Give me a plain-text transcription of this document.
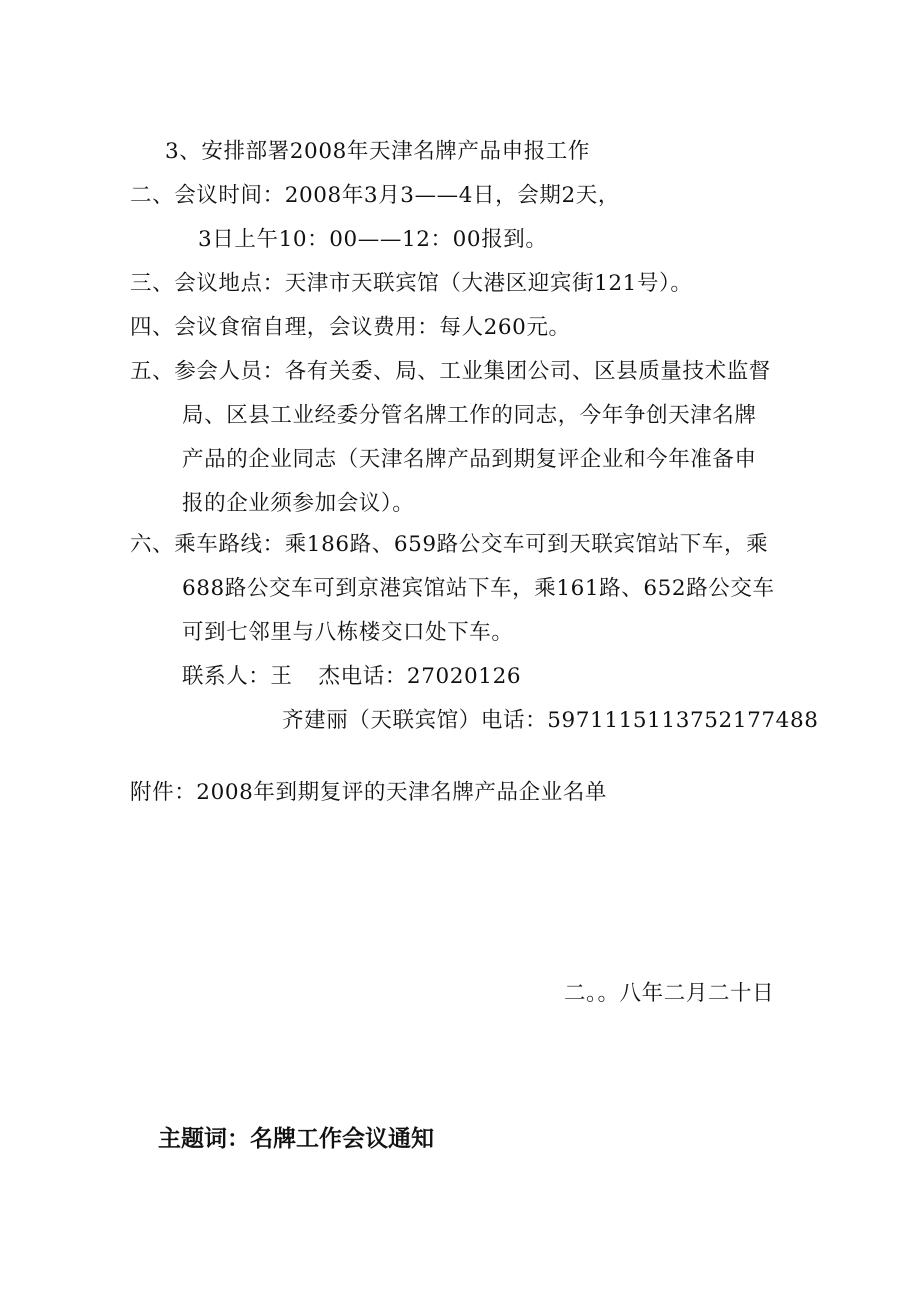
3、安排部署2008年天津名牌产品申报工作
二、会议时间：2008年3月3——4日，会期2天，
3日上午10：00——12：00报到。
三、会议地点：天津市天联宾馆（大港区迎宾街121号）。
四、会议食宿自理，会议费用：每人260元。
五、参会人员：各有关委、局、工业集团公司、区县质量技术监督
局、区县工业经委分管名牌工作的同志，今年争创天津名牌
产品的企业同志（天津名牌产品到期复评企业和今年准备申
报的企业须参加会议）。
六、乘车路线：乘186路、659路公交车可到天联宾馆站下车，乘
688路公交车可到京港宾馆站下车，乘161路、652路公交车
可到七邻里与八栋楼交口处下车。
联系人：王 杰电话：27020126
齐建丽（天联宾馆）电话：5971115113752177488
附件：2008年到期复评的天津名牌产品企业名单
二。。八年二月二十日
主题词：名牌工作会议通知
